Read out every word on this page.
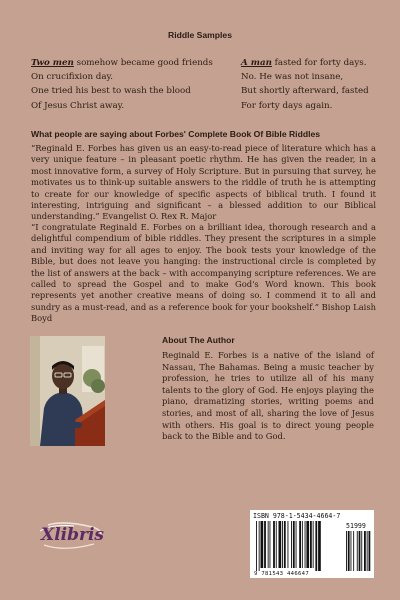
Riddle Samples
Two men somehow became good friends
On crucifixion day.
One tried his best to wash the blood
Of Jesus Christ away.
A man fasted for forty days.
No. He was not insane,
But shortly afterward, fasted
For forty days again.
What people are saying about Forbes' Complete Book Of Bible Riddles

“Reginald E. Forbes has given us an easy-to-read piece of literature which has a very unique feature – in pleasant poetic rhythm. He has given the reader, in a most innovative form, a survey of Holy Scripture. But in pursuing that survey, he motivates us to think-up suitable answers to the riddle of truth he is attempting to create for our knowledge of specific aspects of biblical truth. I found it interesting, intriguing and significant – a blessed addition to our Biblical understanding.” Evangelist O. Rex R. Major

“I congratulate Reginald E. Forbes on a brilliant idea, thorough research and a delightful compendium of bible riddles. They present the scriptures in a simple and inviting way for all ages to enjoy. The book tests your knowledge of the Bible, but does not leave you hanging: the instructional circle is completed by the list of answers at the back – with accompanying scripture references. We are called to spread the Gospel and to make God's Word known. This book represents yet another creative means of doing so. I commend it to all and sundry as a must-read, and as a reference book for your bookshelf.” Bishop Laish Boyd

About The Author

Reginald E. Forbes is a native of the island of Nassau, The Bahamas. Being a music teacher by profession, he tries to utilize all of his many talents to the glory of God. He enjoys playing the piano, dramatizing stories, writing poems and stories, and most of all, sharing the love of Jesus with others. His goal is to direct young people back to the Bible and to God.

Xlibris
ISBN 978-1-5434-4664-7
51999
9 781543 446647
